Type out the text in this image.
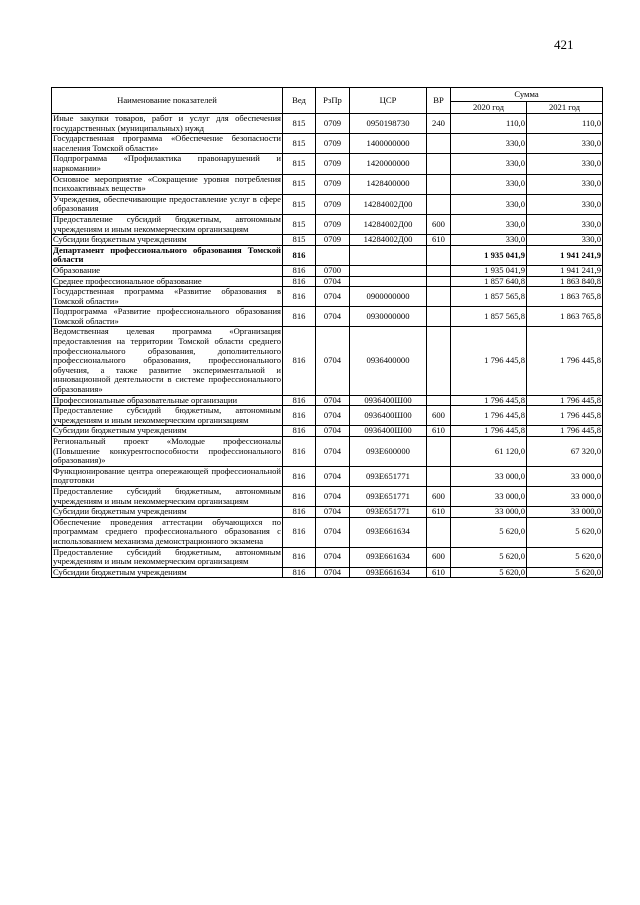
421
Наименование показателей	Вед	РзПр	ЦСР	ВР	Сумма	
					2020 год	2021 год
Иные закупки товаров, работ и услуг для обеспечения государственных (муниципальных) нужд	815	0709	0950198730	240	110,0	110,0
Государственная программа «Обеспечение безопасности населения Томской области»	815	0709	1400000000		330,0	330,0
Подпрограмма «Профилактика правонарушений и наркомании»	815	0709	1420000000		330,0	330,0
Основное мероприятие «Сокращение уровня потребления психоактивных веществ»	815	0709	1428400000		330,0	330,0
Учреждения, обеспечивающие предоставление услуг в сфере образования	815	0709	14284002Д00		330,0	330,0
Предоставление субсидий бюджетным, автономным учреждениям и иным некоммерческим организациям	815	0709	14284002Д00	600	330,0	330,0
Субсидии бюджетным учреждениям	815	0709	14284002Д00	610	330,0	330,0
Департамент профессионального образования Томской области	816				1 935 041,9	1 941 241,9
Образование	816	0700			1 935 041,9	1 941 241,9
Среднее профессиональное образование	816	0704			1 857 640,8	1 863 840,8
Государственная программа «Развитие образования в Томской области»	816	0704	0900000000		1 857 565,8	1 863 765,8
Подпрограмма «Развитие профессионального образования Томской области»	816	0704	0930000000		1 857 565,8	1 863 765,8
Ведомственная целевая программа «Организация предоставления на территории Томской области среднего профессионального образования, дополнительного профессионального образования, профессионального обучения, а также развитие экспериментальной и инновационной деятельности в системе профессионального образования»	816	0704	0936400000		1 796 445,8	1 796 445,8
Профессиональные образовательные организации	816	0704	0936400Ш00		1 796 445,8	1 796 445,8
Предоставление субсидий бюджетным, автономным учреждениям и иным некоммерческим организациям	816	0704	0936400Ш00	600	1 796 445,8	1 796 445,8
Субсидии бюджетным учреждениям	816	0704	0936400Ш00	610	1 796 445,8	1 796 445,8
Региональный проект «Молодые профессионалы (Повышение конкурентоспособности профессионального образования)»	816	0704	093Е600000		61 120,0	67 320,0
Функционирование центра опережающей профессиональной подготовки	816	0704	093Е651771		33 000,0	33 000,0
Предоставление субсидий бюджетным, автономным учреждениям и иным некоммерческим организациям	816	0704	093Е651771	600	33 000,0	33 000,0
Субсидии бюджетным учреждениям	816	0704	093Е651771	610	33 000,0	33 000,0
Обеспечение проведения аттестации обучающихся по программам среднего профессионального образования с использованием механизма демонстрационного экзамена	816	0704	093Е661634		5 620,0	5 620,0
Предоставление субсидий бюджетным, автономным учреждениям и иным некоммерческим организациям	816	0704	093Е661634	600	5 620,0	5 620,0
Субсидии бюджетным учреждениям	816	0704	093Е661634	610	5 620,0	5 620,0
